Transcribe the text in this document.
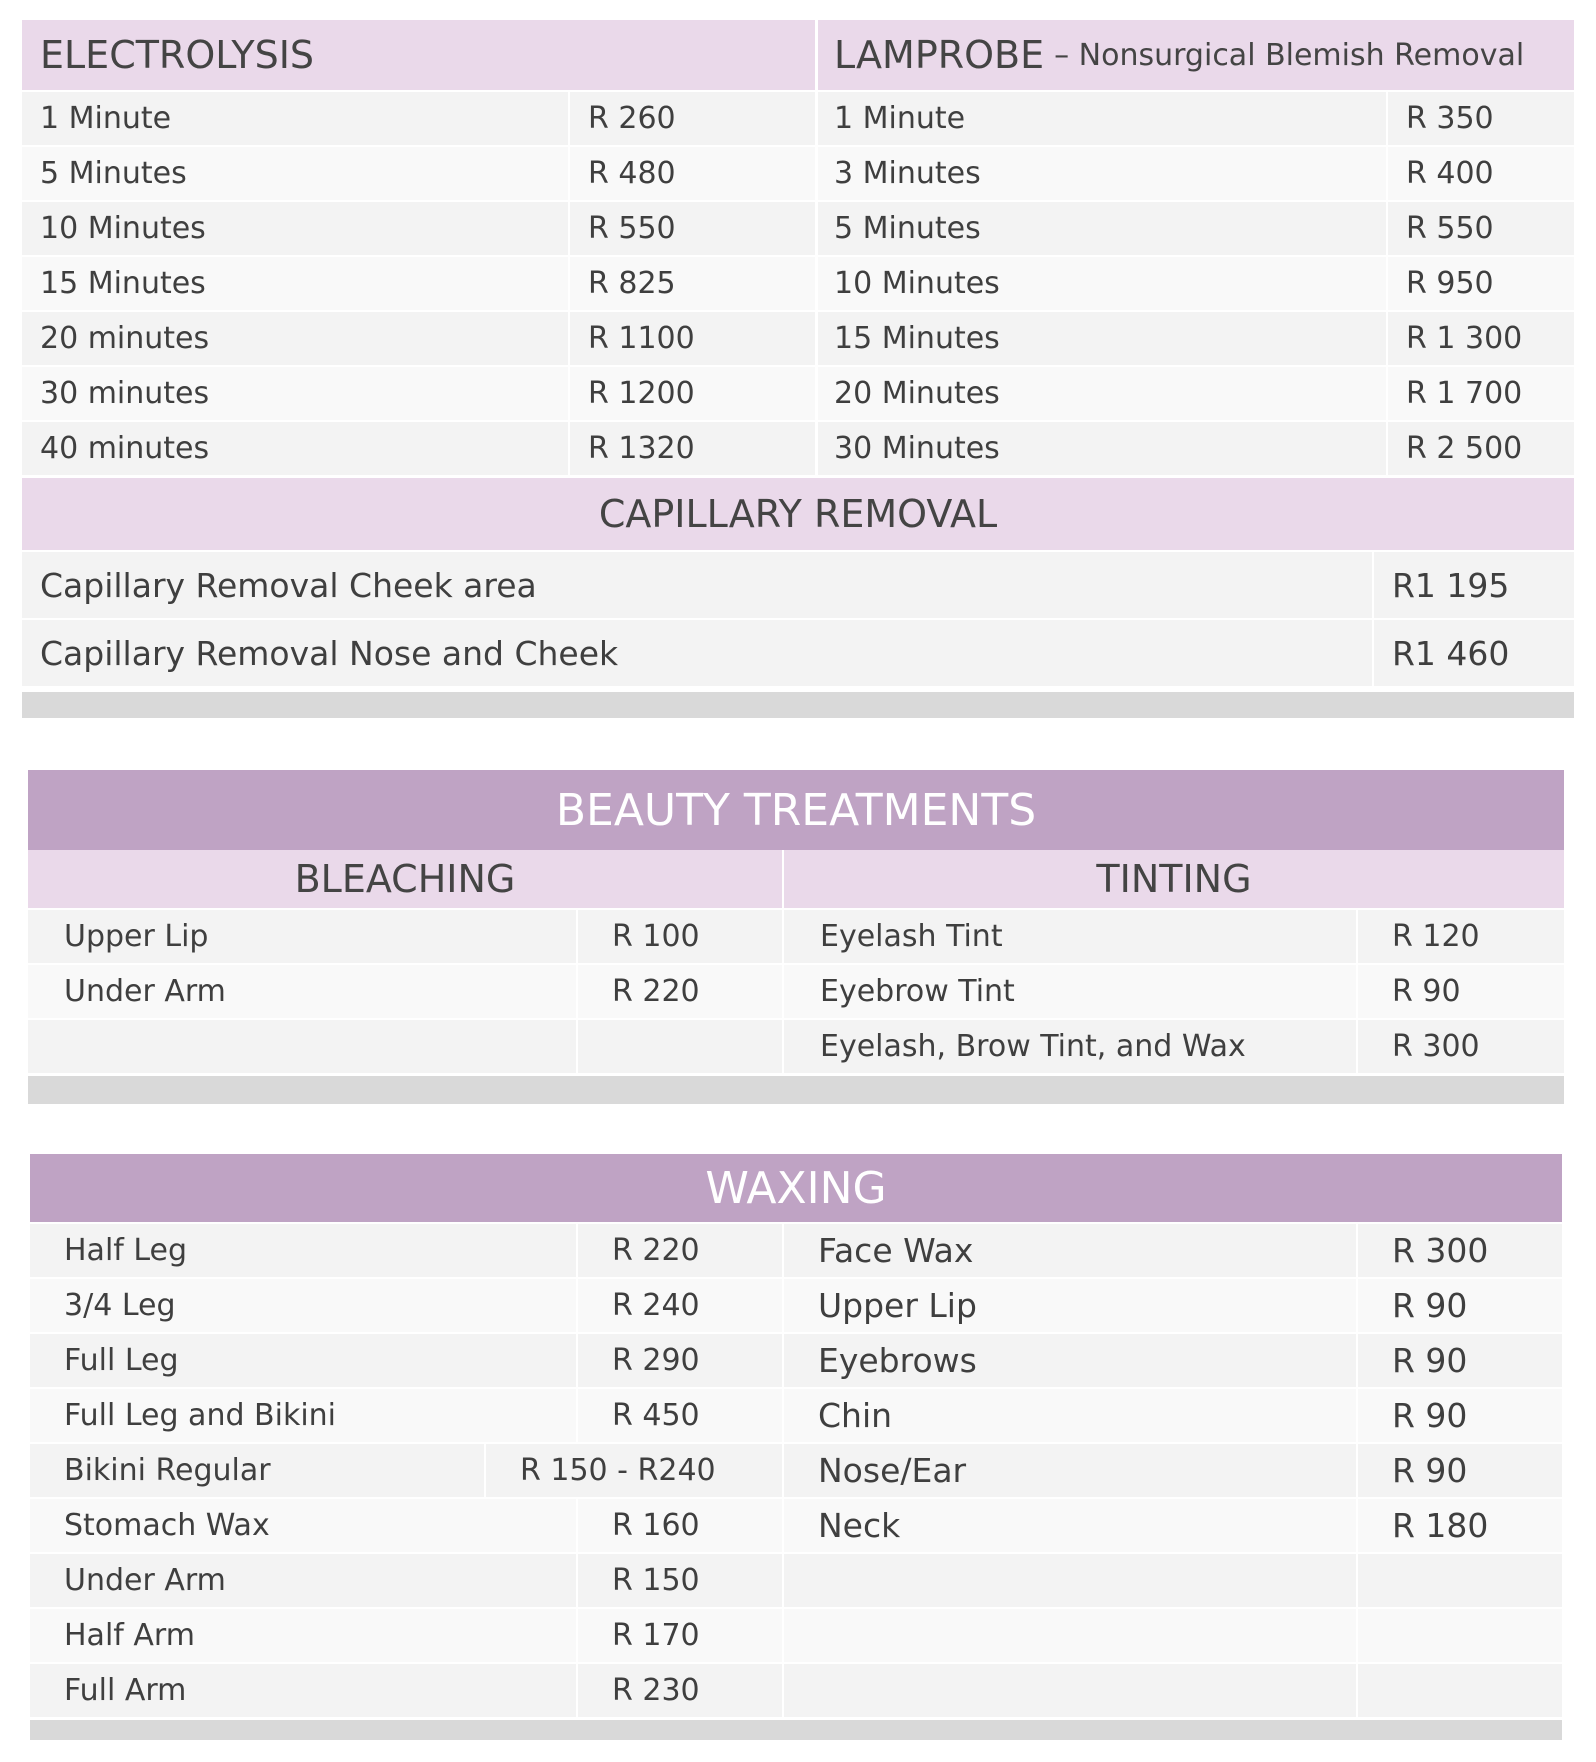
ELECTROLYSIS	LAMPROBE – Nonsurgical Blemish Removal
1 Minute	R 260
5 Minutes	R 480
10 Minutes	R 550
15 Minutes	R 825
20 minutes	R 1100
30 minutes	R 1200
40 minutes	R 1320
1 Minute	R 350
3 Minutes	R 400
5 Minutes	R 550
10 Minutes	R 950
15 Minutes	R 1 300
20 Minutes	R 1 700
30 Minutes	R 2 500
CAPILLARY REMOVAL
Capillary Removal Cheek area	R1 195
Capillary Removal Nose and Cheek	R1 460
BEAUTY TREATMENTS
BLEACHING	TINTING
Upper Lip	R 100
Under Arm	R 220
Eyelash Tint	R 120
Eyebrow Tint	R 90
Eyelash, Brow Tint, and Wax	R 300
WAXING
Half Leg	R 220
3/4 Leg	R 240
Full Leg	R 290
Full Leg and Bikini	R 450
Bikini Regular	R 150 - R240
Stomach Wax	R 160
Under Arm	R 150
Half Arm	R 170
Full Arm	R 230
Face Wax	R 300
Upper Lip	R 90
Eyebrows	R 90
Chin	R 90
Nose/Ear	R 90
Neck	R 180
